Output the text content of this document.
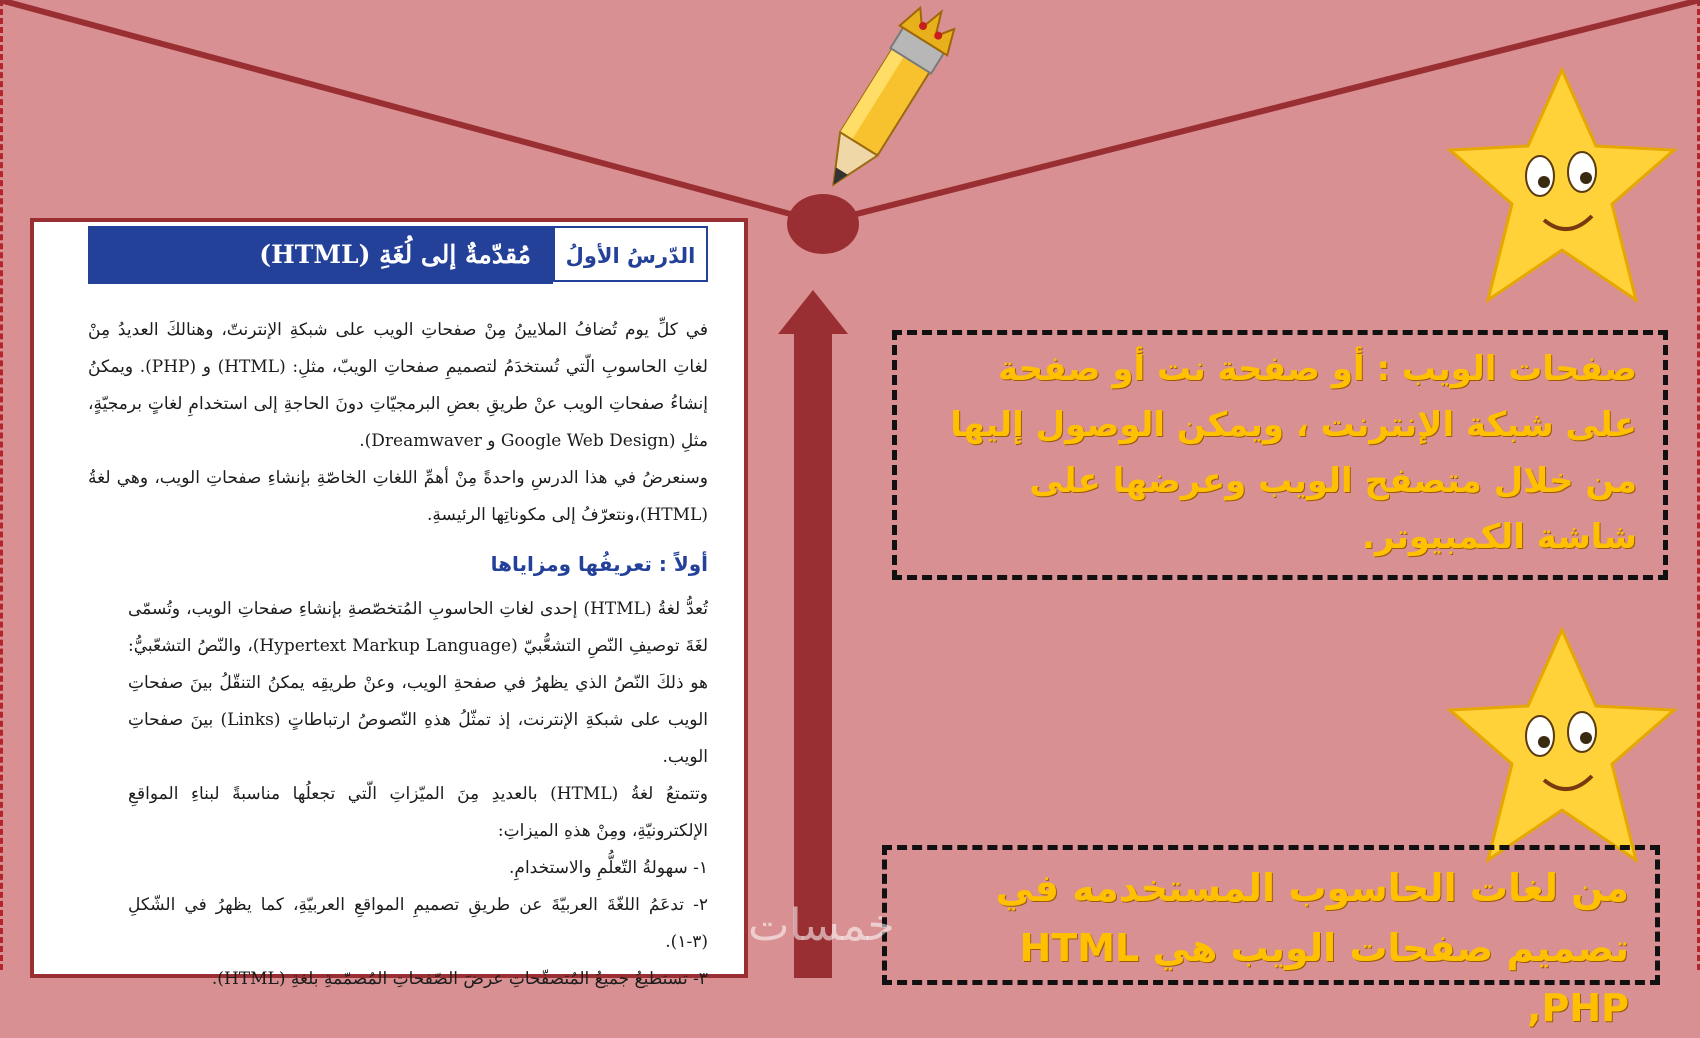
مُقدّمةٌ إلى لُغَةِ (HTML)	الدّرسُ الأولُ

في كلِّ يوم تُضافُ الملايينُ مِنْ صفحاتِ الويب على شبكةِ الإنترنتّ، وهنالكَ العديدُ مِنْ لغاتِ الحاسوبِ الّتي تُستخدَمُ لتصميمِ صفحاتِ الويبّ، مثلِ: (HTML) و (PHP). ويمكنُ إنشاءُ صفحاتِ الويب عنْ طريقِ بعضِ البرمجيّاتِ دونَ الحاجةِ إلى استخدامِ لغاتٍ برمجيّةٍ، مثلِ (Google Web Design و Dreamwaver).

وسنعرضُ في هذا الدرسِ واحدةً مِنْ أهمِّ اللغاتِ الخاصّةِ بإنشاءِ صفحاتِ الويب، وهي لغةُ (HTML)،ونتعرّفُ إلى مكوناتِها الرئيسةِ.

أولاً : تعريفُها ومزاياها

تُعدُّ لغةُ (HTML) إحدى لغاتِ الحاسوبِ المُتخصّصةِ بإنشاءِ صفحاتِ الويب، وتُسمّى لغَةَ توصيفِ النّصِ التشعُّبيّ (Hypertext Markup Language)، والنّصُ التشعّبيُّ: هو ذلكَ النّصُ الذي يظهرُ في صفحةِ الويب، وعنْ طريقِه يمكنُ التنقّلُ بينَ صفحاتِ الويب على شبكةِ الإنترنت، إذ تمثّلُ هذهِ النّصوصُ ارتباطاتٍ (Links) بينَ صفحاتِ الويب.

وتتمتعُ لغةُ (HTML) بالعديدِ مِنَ الميّزاتِ الّتي تجعلُها مناسبةً لبناءِ المواقعِ الإلكترونيّةِ، ومِنْ هذهِ الميزاتِ:

١- سهولةُ التّعلُّمِ والاستخدامِ.

٢- تدعَمُ اللغّةَ العربيّةَ عن طريقِ تصميمِ المواقعِ العربيّةِ، كما يظهرُ في الشّكلِ (٣-١).

٣- تستطيعُ جميعُ المُتصفّحاتِ عرضَ الصّفحاتِ المُصمّمةِ بلغةِ (HTML).

صفحات الويب : أو صفحة نت أو صفحة على شبكة الإنترنت ، ويمكن الوصول إليها من خلال متصفح الويب وعرضها على شاشة الكمبيوتر.
من لغات الحاسوب المستخدمه في تصميم صفحات الويب هي HTML ,PHP
خمسات
